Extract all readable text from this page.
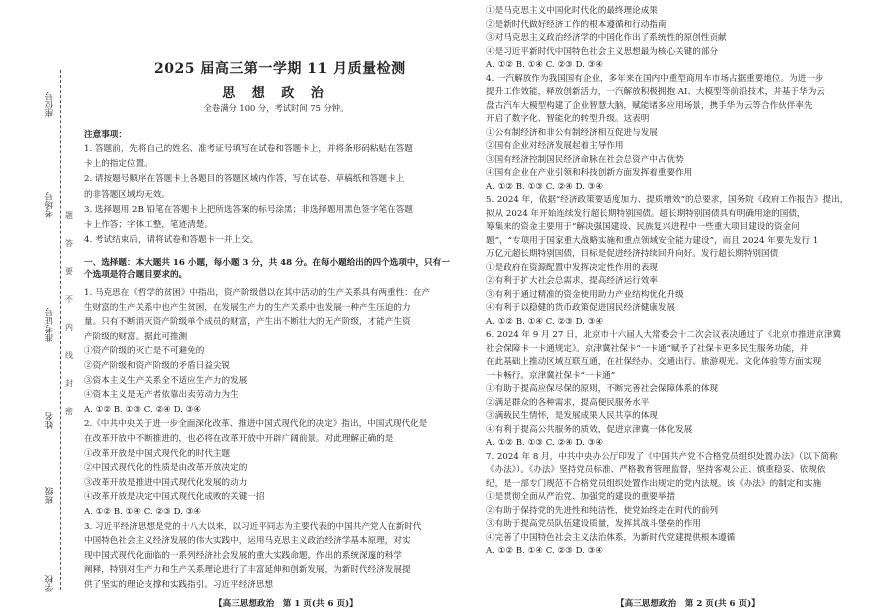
座位号
考场号
准考证号
姓名
班级
学校
题
答
要
不
内
线
封
密
2025 届高三第一学期 11 月质量检测
思 想 政 治
全卷满分 100 分，考试时间 75 分钟。
注意事项：
1. 答题前，先将自己的姓名、准考证号填写在试卷和答题卡上，并将条形码粘贴在答题
卡上的指定位置。
2. 请按题号顺序在答题卡上各题目的答题区域内作答，写在试卷、草稿纸和答题卡上
的非答题区域均无效。
3. 选择题用 2B 铅笔在答题卡上把所选答案的标号涂黑；非选择题用黑色签字笔在答题
卡上作答；字体工整，笔迹清楚。
4. 考试结束后，请将试卷和答题卡一并上交。
一、选择题：本大题共 16 小题，每小题 3 分，共 48 分。在每小题给出的四个选项中，只有一
个选项是符合题目要求的。
1. 马克思在《哲学的贫困》中指出，资产阶级借以在其中活动的生产关系具有两重性：在产
生财富的生产关系中也产生贫困，在发展生产力的生产关系中也发展一种产生压迫的力
量。只有不断消灭资产阶级单个成员的财富，产生出不断壮大的无产阶级，才能产生资
产阶级的财富。据此可推测
①资产阶级的灭亡是不可避免的
②资产阶级和资产阶级的矛盾日益尖锐
③资本主义生产关系全不适应生产力的发展
④资本主义是无产者依靠出卖劳动力为生
A. ①② B. ①③ C. ②④ D. ③④
2.《中共中央关于进一步全面深化改革、推进中国式现代化的决定》指出，中国式现代化是
在改革开放中不断推进的，也必将在改革开放中开辟广阔前景。对此理解正确的是
①改革开放是中国式现代化的时代主题
②中国式现代化的性质是由改革开放决定的
③改革开放是推进中国式现代化发展的动力
④改革开放是决定中国式现代化成败的关键一招
A. ①② B. ①④ C. ②③ D. ③④
3. 习近平经济思想是党的十八大以来，以习近平同志为主要代表的中国共产党人在新时代
中国特色社会主义经济发展的伟大实践中，运用马克思主义政治经济学基本原理，对实
现中国式现代化面临的一系列经济社会发展的重大实践命题，作出的系统深邃的科学
阐释，特别对生产力和生产关系理论进行了丰富延伸和创新发展，为新时代经济发展提
供了坚实的理论支撑和实践指引。习近平经济思想
【高三思想政治　第 1 页(共 6 页)】
①是马克思主义中国化时代化的最终理论成果
②是新时代做好经济工作的根本遵循和行动指南
③对马克思主义政治经济学的中国化作出了系统性的原创性贡献
④是习近平新时代中国特色社会主义思想最为核心关键的部分
A. ①② B. ①④ C. ②③ D. ③④
4. 一汽解放作为我国国有企业，多年来在国内中重型商用车市场占据重要地位。为进一步
提升工作效能，释放创新活力，一汽解放积极拥抱 AI、大模型等前沿技术，并基于华为云
盘古汽车大模型构建了企业智慧大脑，赋能诸多应用场景，携手华为云等合作伙伴率先
开启了数字化、智能化的转型升级。这表明
①公有制经济和非公有制经济相互促进与发展
②国有企业对经济发展起着主导作用
③国有经济控制国民经济命脉在社会总资产中占优势
④国有企业在产业引领和科技创新方面发挥着重要作用
A. ①② B. ①③ C. ②④ D. ③④
5. 2024 年，依据“经济政策要适度加力、提质增效”的总要求，国务院《政府工作报告》提出，
拟从 2024 年开始连续发行超长期特别国债。超长期特别国债具有明确用途的国债，
筹集来的资金主要用于“解决强国建设、民族复兴进程中一些重大项目建设的资金问
题”，“专项用于国家重大战略实施和重点领域安全能力建设”，而且 2024 年要先发行 1
万亿元超长期特别国债，目标是促进经济持续回升向好。发行超长期特别国债
①是政府在资源配置中发挥决定性作用的表现
②有利于扩大社会总需求，提高经济运行效率
③有利于通过精准的资金使用助力产业结构优化升级
④有利于以稳健的货币政策促进国民经济健康发展
A. ①② B. ①④ C. ②③ D. ③④
6. 2024 年 9 月 27 日，北京市十六届人大常委会十二次会议表决通过了《北京市推进京津冀
社会保障卡一卡通规定》。京津冀社保卡“一卡通”赋予了社保卡更多民生服务功能，并
在此基础上推动区域互联互通，在社保经办、交通出行、旅游观光、文化体验等方面实现
一卡畅行。京津冀社保卡“一卡通”
①有助于提高应保尽保的原则，不断完善社会保障体系的体现
②满足群众的各种需求，提高便民服务水平
③满载民生情怀，是发展成果人民共享的体现
④有利于提高公共服务的质效，促进京津冀一体化发展
A. ①② B. ①③ C. ②④ D. ③④
7. 2024 年 8 月，中共中央办公厅印发了《中国共产党不合格党员组织处置办法》（以下简称
《办法》）。《办法》坚持党员标准、严格教育管理监督，坚持客观公正、慎重稳妥、依规依
纪，是一部专门规范不合格党员组织处置作出规定的党内法规。该《办法》的制定和实施
①是贯彻全面从严治党、加强党的建设的重要举措
②有助于保持党的先进性和纯洁性，使党始终走在时代的前列
③有助于提高党员队伍建设质量，发挥其战斗堡垒的作用
④完善了中国特色社会主义法治体系，为新时代党建提供根本遵循
A. ①② B. ①④ C. ②③ D. ③④
【高三思想政治　第 2 页(共 6 页)】
